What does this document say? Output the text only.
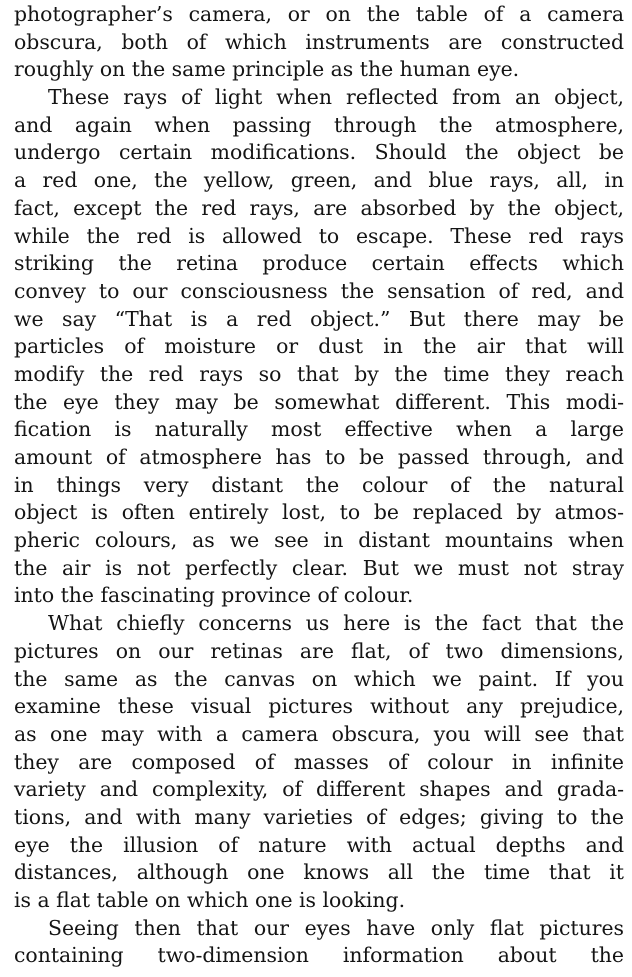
photographer’s camera, or on the table of a camera
obscura, both of which instruments are constructed
roughly on the same principle as the human eye.
These rays of light when reflected from an object,
and again when passing through the atmosphere,
undergo certain modifications. Should the object be
a red one, the yellow, green, and blue rays, all, in
fact, except the red rays, are absorbed by the object,
while the red is allowed to escape. These red rays
striking the retina produce certain effects which
convey to our consciousness the sensation of red, and
we say “That is a red object.” But there may be
particles of moisture or dust in the air that will
modify the red rays so that by the time they reach
the eye they may be somewhat different. This modi-
fication is naturally most effective when a large
amount of atmosphere has to be passed through, and
in things very distant the colour of the natural
object is often entirely lost, to be replaced by atmos-
pheric colours, as we see in distant mountains when
the air is not perfectly clear. But we must not stray
into the fascinating province of colour.
What chiefly concerns us here is the fact that the
pictures on our retinas are flat, of two dimensions,
the same as the canvas on which we paint. If you
examine these visual pictures without any prejudice,
as one may with a camera obscura, you will see that
they are composed of masses of colour in infinite
variety and complexity, of different shapes and grada-
tions, and with many varieties of edges; giving to the
eye the illusion of nature with actual depths and
distances, although one knows all the time that it
is a flat table on which one is looking.
Seeing then that our eyes have only flat pictures
containing two-dimension information about the
